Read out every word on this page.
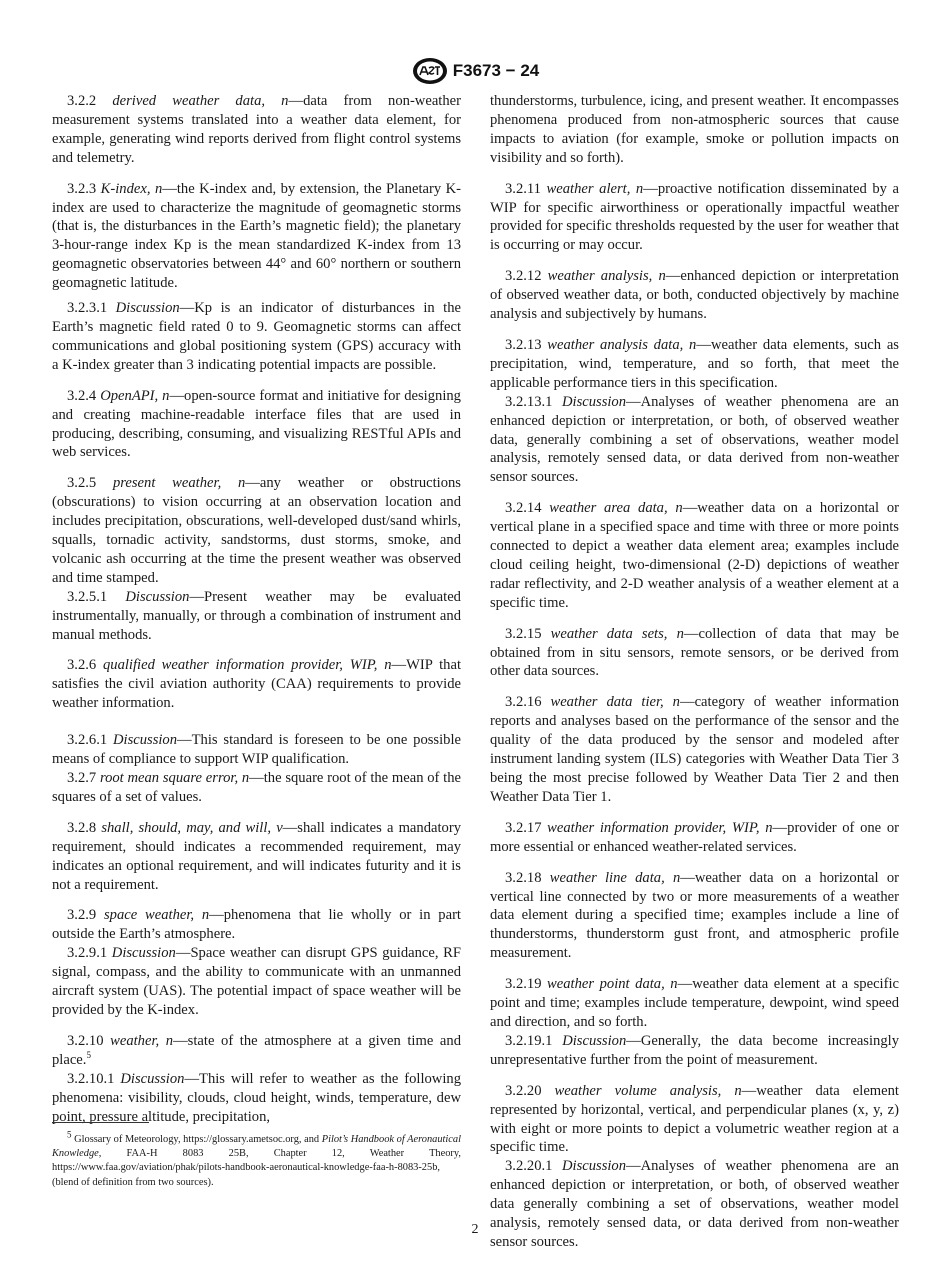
F3673 − 24

3.2.2 derived weather data, n—data from non-weather measurement systems translated into a weather data element, for example, generating wind reports derived from flight control systems and telemetry.

3.2.3 K-index, n—the K-index and, by extension, the Planetary K-index are used to characterize the magnitude of geomagnetic storms (that is, the disturbances in the Earth’s magnetic field); the planetary 3-hour-range index Kp is the mean standardized K-index from 13 geomagnetic observatories between 44° and 60° northern or southern geomagnetic latitude.

3.2.3.1 Discussion—Kp is an indicator of disturbances in the Earth’s magnetic field rated 0 to 9. Geomagnetic storms can affect communications and global positioning system (GPS) accuracy with a K-index greater than 3 indicating potential impacts are possible.

3.2.4 OpenAPI, n—open-source format and initiative for designing and creating machine-readable interface files that are used in producing, describing, consuming, and visualizing RESTful APIs and web services.

3.2.5 present weather, n—any weather or obstructions (obscurations) to vision occurring at an observation location and includes precipitation, obscurations, well-developed dust/sand whirls, squalls, tornadic activity, sandstorms, dust storms, smoke, and volcanic ash occurring at the time the present weather was observed and time stamped.

3.2.5.1 Discussion—Present weather may be evaluated instrumentally, manually, or through a combination of instrument and manual methods.

3.2.6 qualified weather information provider, WIP, n—WIP that satisfies the civil aviation authority (CAA) requirements to provide weather information.

3.2.6.1 Discussion—This standard is foreseen to be one possible means of compliance to support WIP qualification.

3.2.7 root mean square error, n—the square root of the mean of the squares of a set of values.

3.2.8 shall, should, may, and will, v—shall indicates a mandatory requirement, should indicates a recommended requirement, may indicates an optional requirement, and will indicates futurity and it is not a requirement.

3.2.9 space weather, n—phenomena that lie wholly or in part outside the Earth’s atmosphere.

3.2.9.1 Discussion—Space weather can disrupt GPS guidance, RF signal, compass, and the ability to communicate with an unmanned aircraft system (UAS). The potential impact of space weather will be provided by the K-index.

3.2.10 weather, n—state of the atmosphere at a given time and place.$^5$

3.2.10.1 Discussion—This will refer to weather as the following phenomena: visibility, clouds, cloud height, winds, temperature, dew point, pressure altitude, precipitation,

thunderstorms, turbulence, icing, and present weather. It encompasses phenomena produced from non-atmospheric sources that cause impacts to aviation (for example, smoke or pollution impacts on visibility and so forth).

3.2.11 weather alert, n—proactive notification disseminated by a WIP for specific airworthiness or operationally impactful weather provided for specific thresholds requested by the user for weather that is occurring or may occur.

3.2.12 weather analysis, n—enhanced depiction or interpretation of observed weather data, or both, conducted objectively by machine analysis and subjectively by humans.

3.2.13 weather analysis data, n—weather data elements, such as precipitation, wind, temperature, and so forth, that meet the applicable performance tiers in this specification.

3.2.13.1 Discussion—Analyses of weather phenomena are an enhanced depiction or interpretation, or both, of observed weather data, generally combining a set of observations, weather model analysis, remotely sensed data, or data derived from non-weather sensor sources.

3.2.14 weather area data, n—weather data on a horizontal or vertical plane in a specified space and time with three or more points connected to depict a weather data element area; examples include cloud ceiling height, two-dimensional (2-D) depictions of weather radar reflectivity, and 2-D weather analysis of a weather element at a specific time.

3.2.15 weather data sets, n—collection of data that may be obtained from in situ sensors, remote sensors, or be derived from other data sources.

3.2.16 weather data tier, n—category of weather information reports and analyses based on the performance of the sensor and the quality of the data produced by the sensor and modeled after instrument landing system (ILS) categories with Weather Data Tier 3 being the most precise followed by Weather Data Tier 2 and then Weather Data Tier 1.

3.2.17 weather information provider, WIP, n—provider of one or more essential or enhanced weather-related services.

3.2.18 weather line data, n—weather data on a horizontal or vertical line connected by two or more measurements of a weather data element during a specified time; examples include a line of thunderstorms, thunderstorm gust front, and atmospheric profile measurement.

3.2.19 weather point data, n—weather data element at a specific point and time; examples include temperature, dewpoint, wind speed and direction, and so forth.

3.2.19.1 Discussion—Generally, the data become increasingly unrepresentative further from the point of measurement.

3.2.20 weather volume analysis, n—weather data element represented by horizontal, vertical, and perpendicular planes (x, y, z) with eight or more points to depict a volumetric weather region at a specific time.

3.2.20.1 Discussion—Analyses of weather phenomena are an enhanced depiction or interpretation, or both, of observed weather data generally combining a set of observations, weather model analysis, remotely sensed data, or data derived from non-weather sensor sources.

$^5$ Glossary of Meteorology, https://glossary.ametsoc.org, and Pilot’s Handbook of Aeronautical Knowledge, FAA-H 8083 25B, Chapter 12, Weather Theory, https://www.faa.gov/aviation/phak/pilots-handbook-aeronautical-knowledge-faa-h-8083-25b, (blend of definition from two sources).
2
